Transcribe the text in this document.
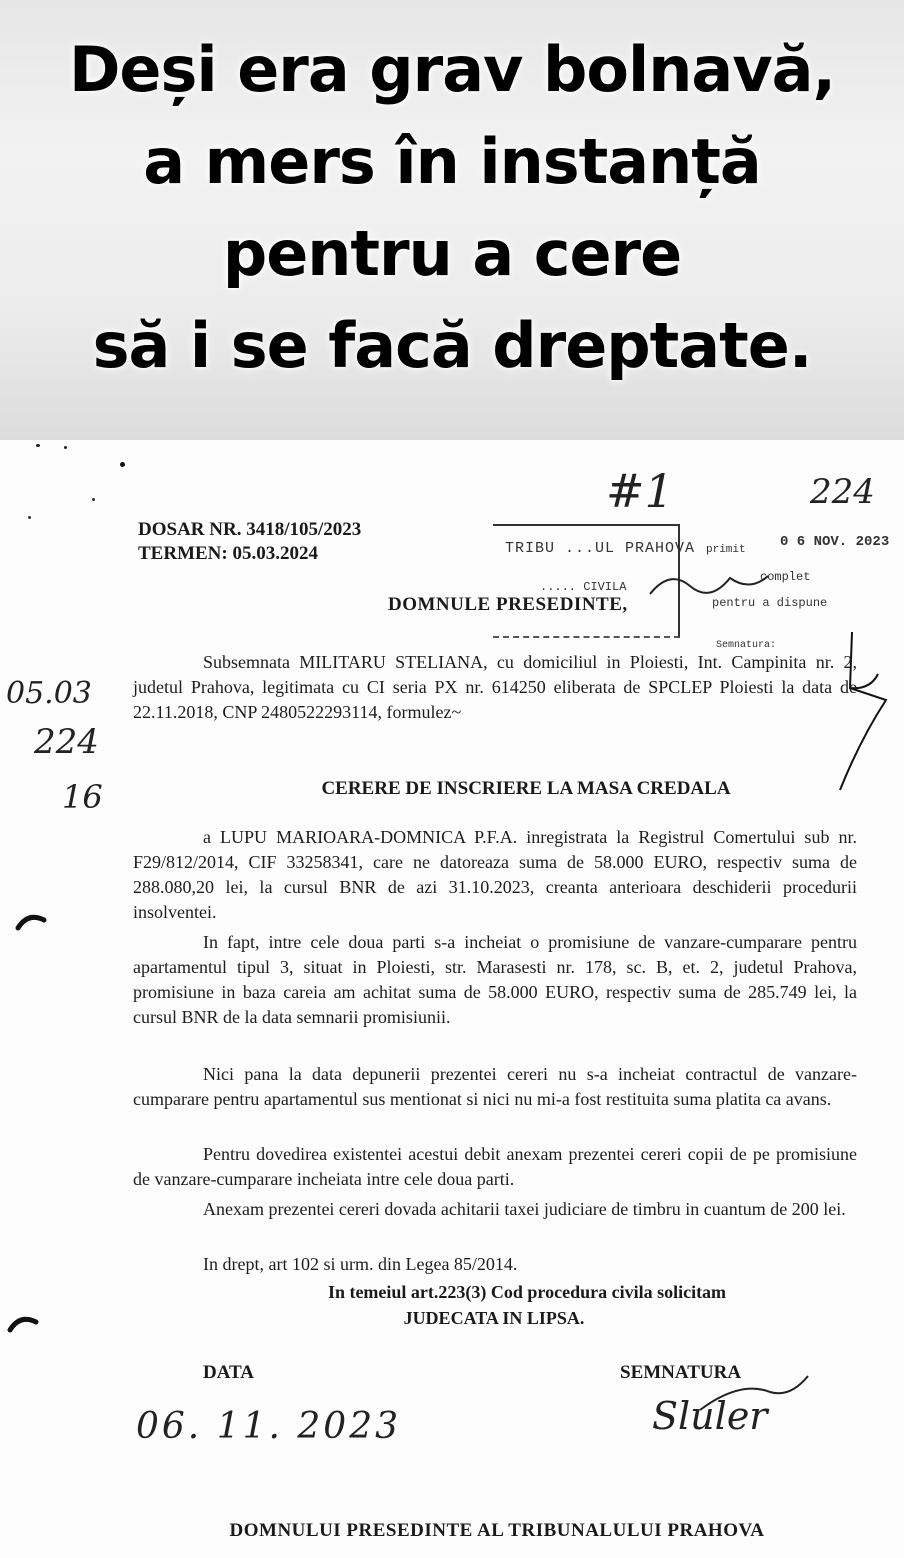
Deși era grav bolnavă,
a mers în instanță
pentru a cere
să i se facă dreptate.
#1	224
DOSAR NR. 3418/105/2023
TERMEN: 05.03.2024	TRIBU ...UL PRAHOVA primit 0 6 NOV. 2023
..... CIVILA
complet
pentru a dispune
Semnatura:
DOMNULE PRESEDINTE,
05.03
224
16
Subsemnata MILITARU STELIANA, cu domiciliul in Ploiesti, Int. Campinita nr. 2, judetul Prahova, legitimata cu CI seria PX nr. 614250 eliberata de SPCLEP Ploiesti la data de 22.11.2018, CNP 2480522293114, formulez~
CERERE DE INSCRIERE LA MASA CREDALA
a LUPU MARIOARA-DOMNICA P.F.A. inregistrata la Registrul Comertului sub nr. F29/812/2014, CIF 33258341, care ne datoreaza suma de 58.000 EURO, respectiv suma de 288.080,20 lei, la cursul BNR de azi 31.10.2023, creanta anterioara deschiderii procedurii insolventei.
In fapt, intre cele doua parti s-a incheiat o promisiune de vanzare-cumparare pentru apartamentul tipul 3, situat in Ploiesti, str. Marasesti nr. 178, sc. B, et. 2, judetul Prahova, promisiune in baza careia am achitat suma de 58.000 EURO, respectiv suma de 285.749 lei, la cursul BNR de la data semnarii promisiunii.
Nici pana la data depunerii prezentei cereri nu s-a incheiat contractul de vanzare-cumparare pentru apartamentul sus mentionat si nici nu mi-a fost restituita suma platita ca avans.
Pentru dovedirea existentei acestui debit anexam prezentei cereri copii de pe promisiune de vanzare-cumparare incheiata intre cele doua parti.
Anexam prezentei cereri dovada achitarii taxei judiciare de timbru in cuantum de 200 lei.
In drept, art 102 si urm. din Legea 85/2014.
In temeiul art.223(3) Cod procedura civila solicitam
JUDECATA IN LIPSA.
DATA	SEMNATURA
06. 11. 2023	Sluler
DOMNULUI PRESEDINTE AL TRIBUNALULUI PRAHOVA
